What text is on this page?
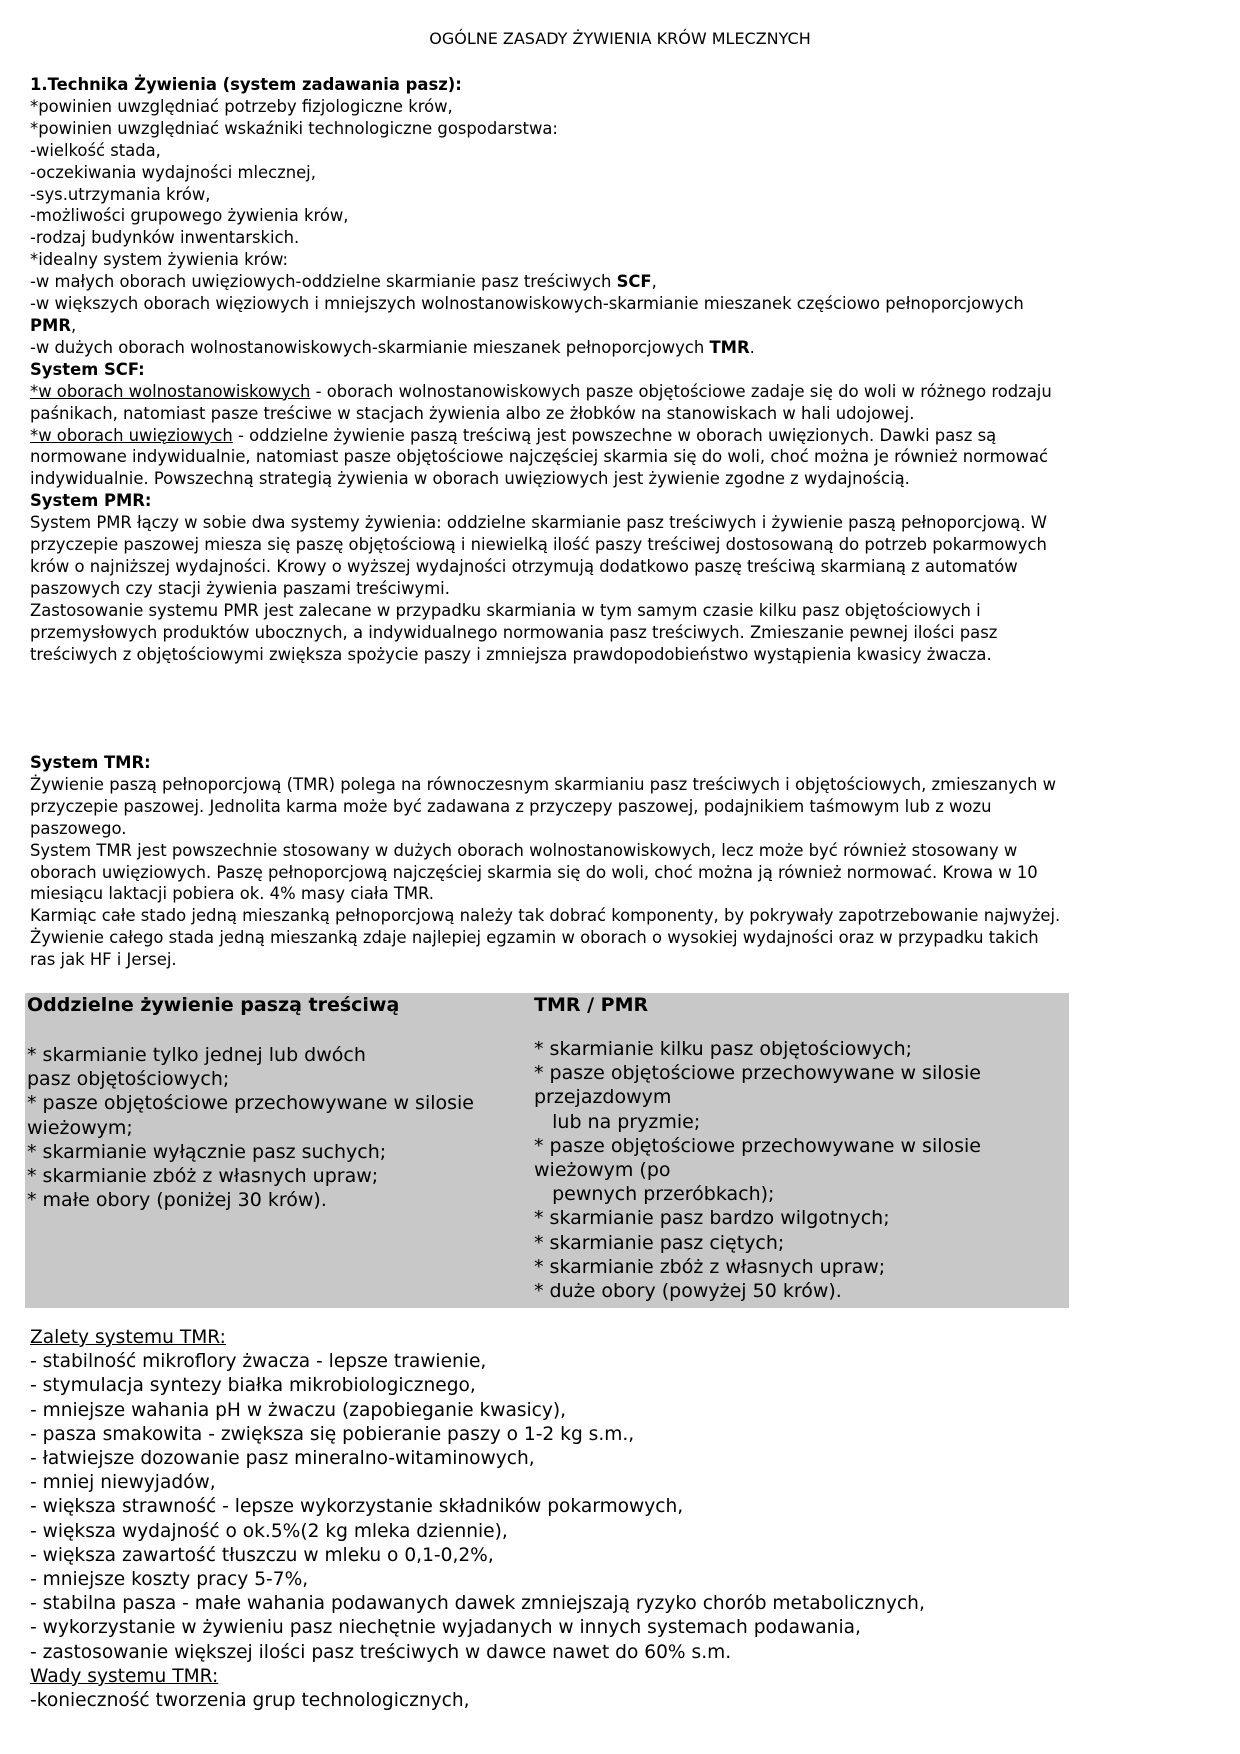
OGÓLNE ZASADY ŻYWIENIA KRÓW MLECZNYCH
1.Technika Żywienia (system zadawania pasz):
*powinien uwzględniać potrzeby fizjologiczne krów,
*powinien uwzględniać wskaźniki technologiczne gospodarstwa:
-wielkość stada,
-oczekiwania wydajności mlecznej,
-sys.utrzymania krów,
-możliwości grupowego żywienia krów,
-rodzaj budynków inwentarskich.
*idealny system żywienia krów:
-w małych oborach uwięziowych-oddzielne skarmianie pasz treściwych SCF,
-w większych oborach więziowych i mniejszych wolnostanowiskowych-skarmianie mieszanek częściowo pełnoporcjowych
PMR,
-w dużych oborach wolnostanowiskowych-skarmianie mieszanek pełnoporcjowych TMR.
System SCF:
*w oborach wolnostanowiskowych - oborach wolnostanowiskowych pasze objętościowe zadaje się do woli w różnego rodzaju
paśnikach, natomiast pasze treściwe w stacjach żywienia albo ze żłobków na stanowiskach w hali udojowej.
*w oborach uwięziowych - oddzielne żywienie paszą treściwą jest powszechne w oborach uwięzionych. Dawki pasz są
normowane indywidualnie, natomiast pasze objętościowe najczęściej skarmia się do woli, choć można je również normować
indywidualnie. Powszechną strategią żywienia w oborach uwięziowych jest żywienie zgodne z wydajnością.
System PMR:
System PMR łączy w sobie dwa systemy żywienia: oddzielne skarmianie pasz treściwych i żywienie paszą pełnoporcjową. W
przyczepie paszowej miesza się paszę objętościową i niewielką ilość paszy treściwej dostosowaną do potrzeb pokarmowych
krów o najniższej wydajności. Krowy o wyższej wydajności otrzymują dodatkowo paszę treściwą skarmianą z automatów
paszowych czy stacji żywienia paszami treściwymi.
Zastosowanie systemu PMR jest zalecane w przypadku skarmiania w tym samym czasie kilku pasz objętościowych i
przemysłowych produktów ubocznych, a indywidualnego normowania pasz treściwych. Zmieszanie pewnej ilości pasz
treściwych z objętościowymi zwiększa spożycie paszy i zmniejsza prawdopodobieństwo wystąpienia kwasicy żwacza.
System TMR:
Żywienie paszą pełnoporcjową (TMR) polega na równoczesnym skarmianiu pasz treściwych i objętościowych, zmieszanych w
przyczepie paszowej. Jednolita karma może być zadawana z przyczepy paszowej, podajnikiem taśmowym lub z wozu
paszowego.
System TMR jest powszechnie stosowany w dużych oborach wolnostanowiskowych, lecz może być również stosowany w
oborach uwięziowych. Paszę pełnoporcjową najczęściej skarmia się do woli, choć można ją również normować. Krowa w 10
miesiącu laktacji pobiera ok. 4% masy ciała TMR.
Karmiąc całe stado jedną mieszanką pełnoporcjową należy tak dobrać komponenty, by pokrywały zapotrzebowanie najwyżej.
Żywienie całego stada jedną mieszanką zdaje najlepiej egzamin w oborach o wysokiej wydajności oraz w przypadku takich
ras jak HF i Jersej.
Oddzielne żywienie paszą treściwą
* skarmianie tylko jednej lub dwóch
pasz objętościowych;
* pasze objętościowe przechowywane w silosie
wieżowym;
* skarmianie wyłącznie pasz suchych;
* skarmianie zbóż z własnych upraw;
* małe obory (poniżej 30 krów).
TMR / PMR
* skarmianie kilku pasz objętościowych;
* pasze objętościowe przechowywane w silosie
przejazdowym
lub na pryzmie;
* pasze objętościowe przechowywane w silosie
wieżowym (po
pewnych przeróbkach);
* skarmianie pasz bardzo wilgotnych;
* skarmianie pasz ciętych;
* skarmianie zbóż z własnych upraw;
* duże obory (powyżej 50 krów).
Zalety systemu TMR:
- stabilność mikroflory żwacza - lepsze trawienie,
- stymulacja syntezy białka mikrobiologicznego,
- mniejsze wahania pH w żwaczu (zapobieganie kwasicy),
- pasza smakowita - zwiększa się pobieranie paszy o 1-2 kg s.m.,
- łatwiejsze dozowanie pasz mineralno-witaminowych,
- mniej niewyjadów,
- większa strawność - lepsze wykorzystanie składników pokarmowych,
- większa wydajność o ok.5%(2 kg mleka dziennie),
- większa zawartość tłuszczu w mleku o 0,1-0,2%,
- mniejsze koszty pracy 5-7%,
- stabilna pasza - małe wahania podawanych dawek zmniejszają ryzyko chorób metabolicznych,
- wykorzystanie w żywieniu pasz niechętnie wyjadanych w innych systemach podawania,
- zastosowanie większej ilości pasz treściwych w dawce nawet do 60% s.m.
Wady systemu TMR:
-konieczność tworzenia grup technologicznych,
